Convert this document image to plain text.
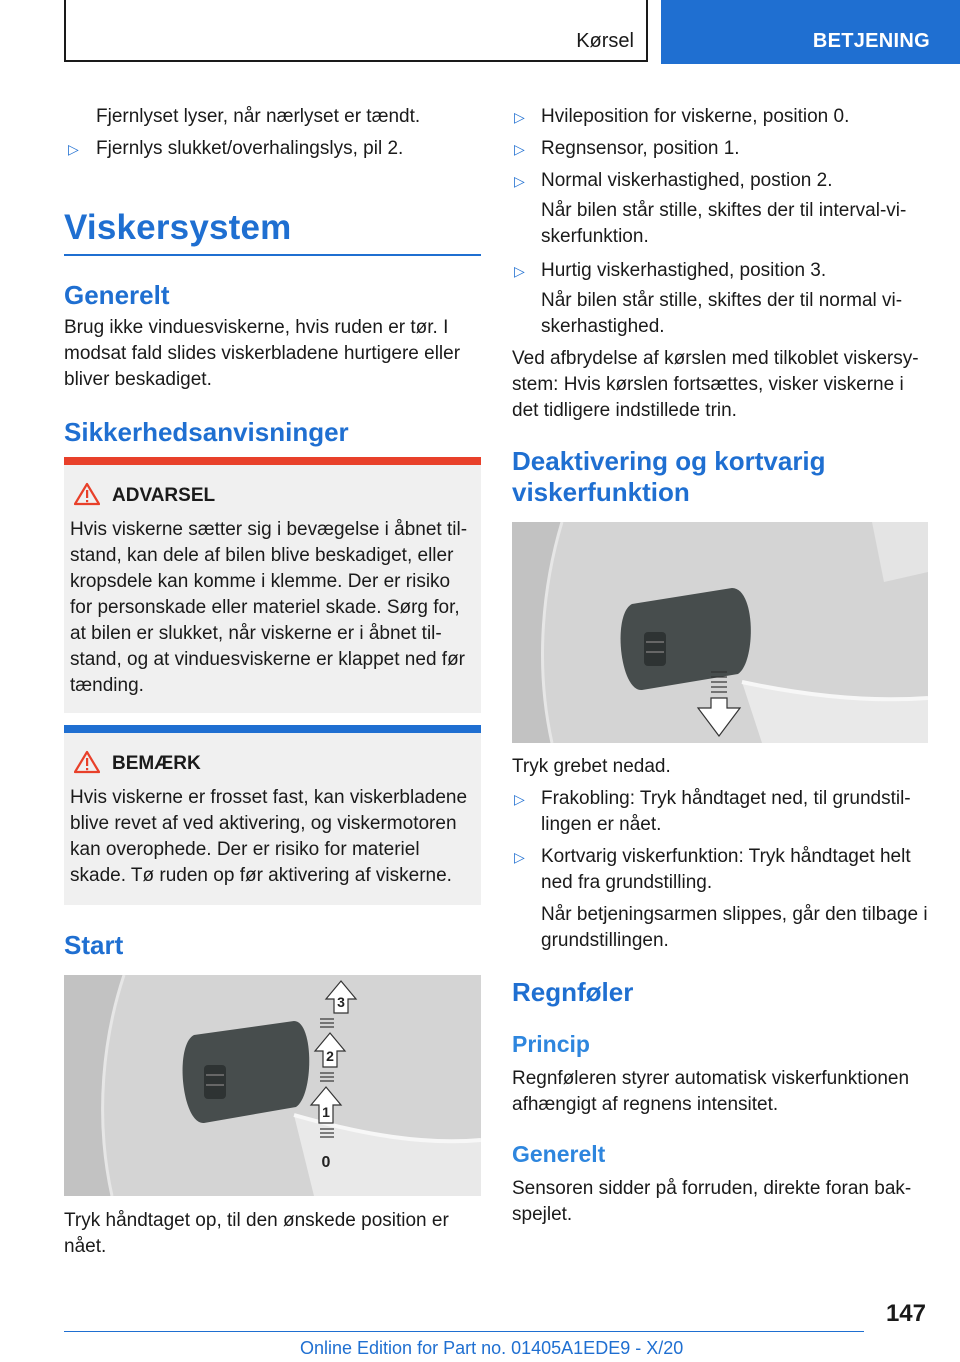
Kørsel	BETJENING
Fjernlyset lyser, når nærlyset er tændt.
▷ Fjernlys slukket/overhalingslys, pil 2.
Viskersystem
Generelt
Brug ikke vinduesviskerne, hvis ruden er tør. I
modsat fald slides viskerbladene hurtigere eller
bliver beskadiget.
Sikkerhedsanvisninger
ADVARSEL
Hvis viskerne sætter sig i bevægelse i åbnet til-
stand, kan dele af bilen blive beskadiget, eller
kropsdele kan komme i klemme. Der er risiko
for personskade eller materiel skade. Sørg for,
at bilen er slukket, når viskerne er i åbnet til-
stand, og at vinduesviskerne er klappet ned før
tænding.
BEMÆRK
Hvis viskerne er frosset fast, kan viskerbladene
blive revet af ved aktivering, og viskermotoren
kan overophede. Der er risiko for materiel
skade. Tø ruden op før aktivering af viskerne.
Start
3
2
1
0
Tryk håndtaget op, til den ønskede position er
nået.
▷ Hvileposition for viskerne, position 0.
▷ Regnsensor, position 1.
▷ Normal viskerhastighed, postion 2.
Når bilen står stille, skiftes der til interval-vi-
skerfunktion.
▷ Hurtig viskerhastighed, position 3.
Når bilen står stille, skiftes der til normal vi-
skerhastighed.
Ved afbrydelse af kørslen med tilkoblet viskersy-
stem: Hvis kørslen fortsættes, visker viskerne i
det tidligere indstillede trin.
Deaktivering og kortvarig
viskerfunktion
Tryk grebet nedad.
▷ Frakobling: Tryk håndtaget ned, til grundstil-
lingen er nået.
▷ Kortvarig viskerfunktion: Tryk håndtaget helt
ned fra grundstilling.
Når betjeningsarmen slippes, går den tilbage i
grundstillingen.
Regnføler
Princip
Regnføleren styrer automatisk viskerfunktionen
afhængigt af regnens intensitet.
Generelt
Sensoren sidder på forruden, direkte foran bak-
spejlet.
147
Online Edition for Part no. 01405A1EDE9 - X/20
